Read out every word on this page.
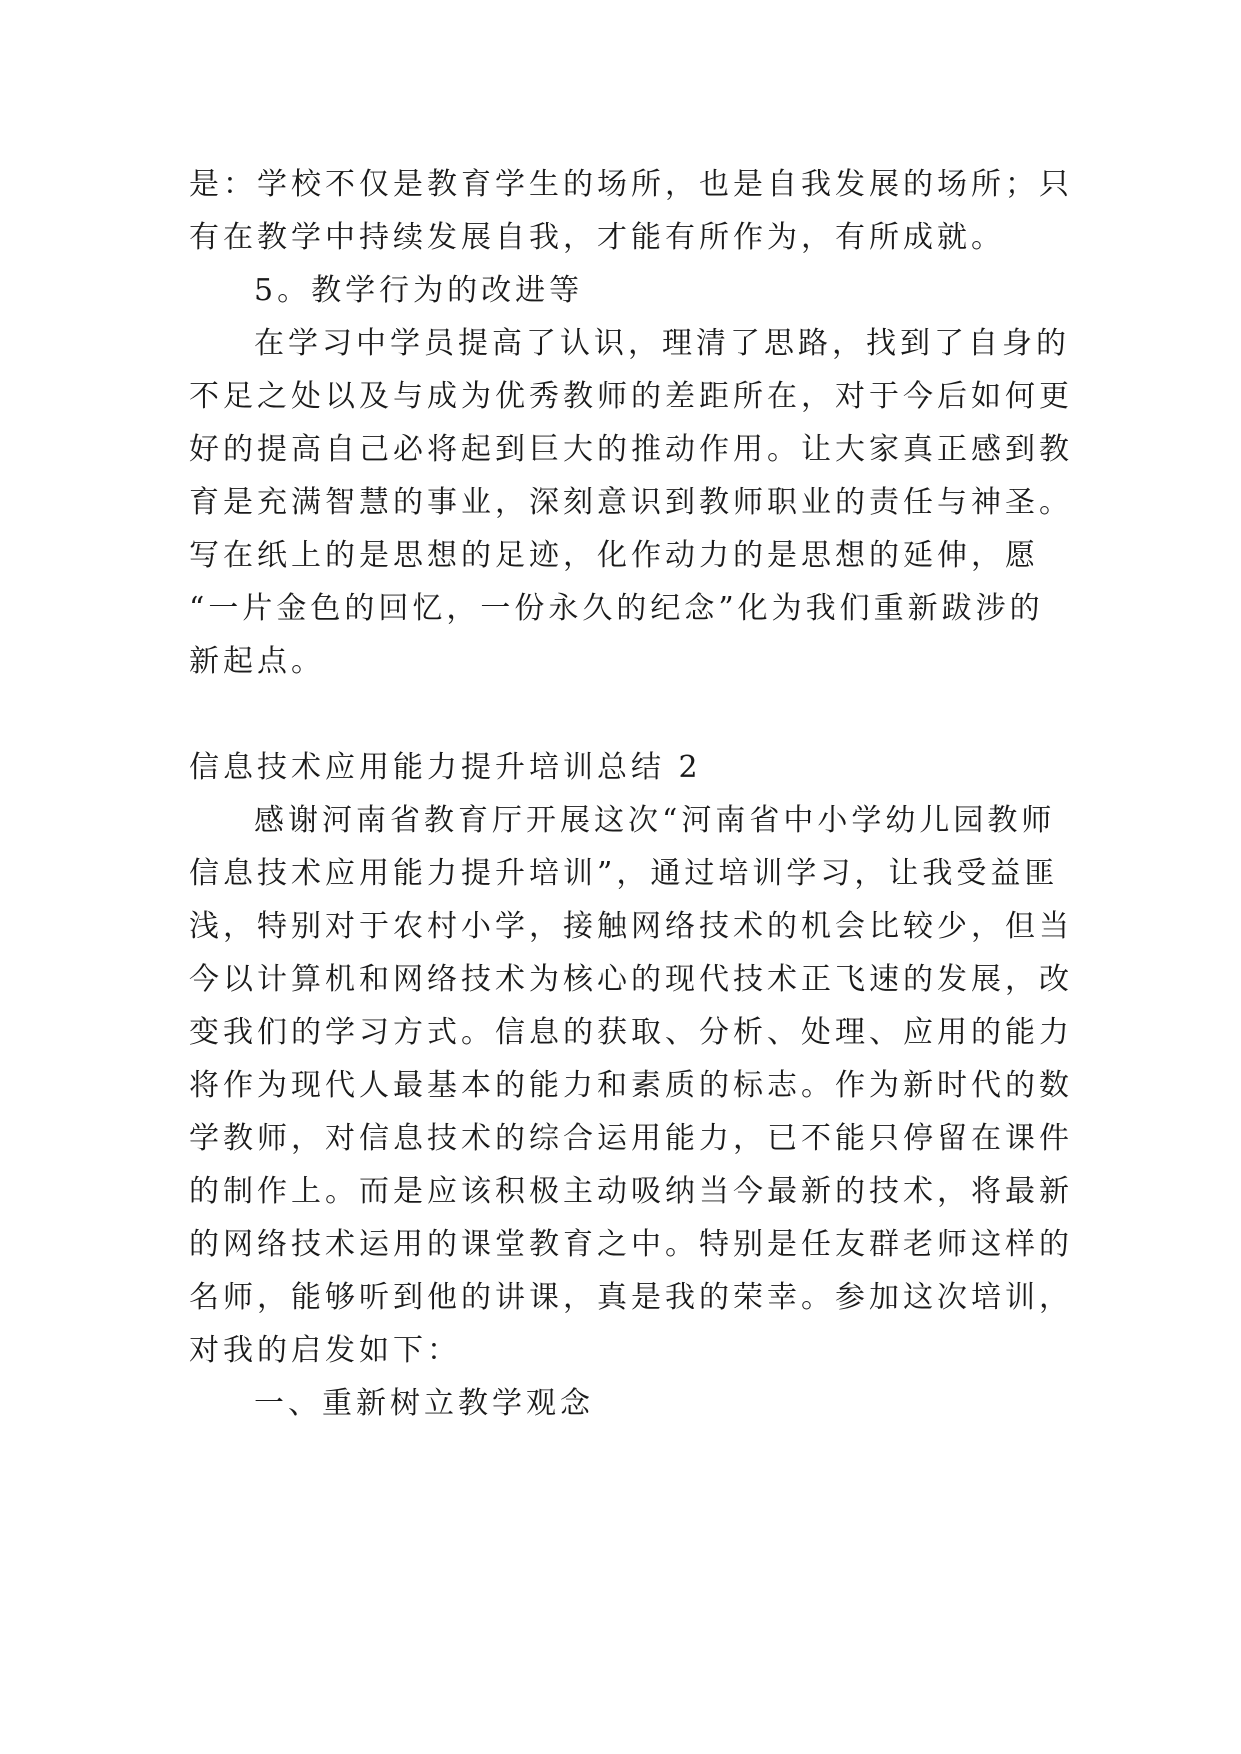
是：学校不仅是教育学生的场所，也是自我发展的场所；只
有在教学中持续发展自我，才能有所作为，有所成就。
5。教学行为的改进等
在学习中学员提高了认识，理清了思路，找到了自身的
不足之处以及与成为优秀教师的差距所在，对于今后如何更
好的提高自己必将起到巨大的推动作用。让大家真正感到教
育是充满智慧的事业，深刻意识到教师职业的责任与神圣。
写在纸上的是思想的足迹，化作动力的是思想的延伸，愿
“一片金色的回忆，一份永久的纪念”化为我们重新跋涉的
新起点。
信息技术应用能力提升培训总结 2
感谢河南省教育厅开展这次“河南省中小学幼儿园教师
信息技术应用能力提升培训”，通过培训学习，让我受益匪
浅，特别对于农村小学，接触网络技术的机会比较少，但当
今以计算机和网络技术为核心的现代技术正飞速的发展，改
变我们的学习方式。信息的获取、分析、处理、应用的能力
将作为现代人最基本的能力和素质的标志。作为新时代的数
学教师，对信息技术的综合运用能力，已不能只停留在课件
的制作上。而是应该积极主动吸纳当今最新的技术，将最新
的网络技术运用的课堂教育之中。特别是任友群老师这样的
名师，能够听到他的讲课，真是我的荣幸。参加这次培训，
对我的启发如下：
一、重新树立教学观念
